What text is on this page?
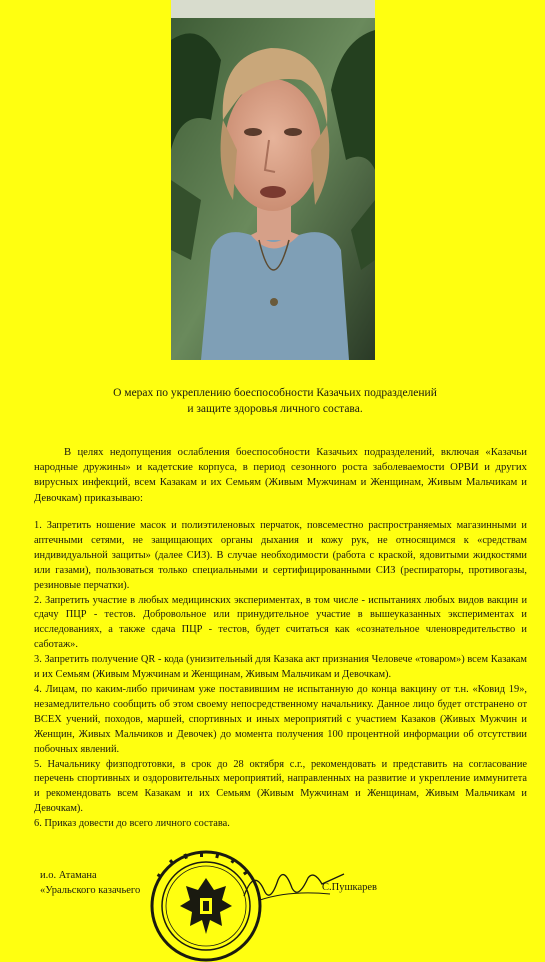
О мерах по укреплению боеспособности Казачьих подразделений
и защите здоровья личного состава.

В целях недопущения ослабления боеспособности Казачьих подразделений, включая «Казачьи народные дружины» и кадетские корпуса, в период сезонного роста заболеваемости ОРВИ и других вирусных инфекций, всем Казакам и их Семьям (Живым Мужчинам и Женщинам, Живым Мальчикам и Девочкам) приказываю:

1. Запретить ношение масок и полиэтиленовых перчаток, повсеместно распространяемых магазинными и аптечными сетями, не защищающих органы дыхания и кожу рук, не относящимся к «средствам индивидуальной защиты» (далее СИЗ). В случае необходимости (работа с краской, ядовитыми жидкостями или газами), пользоваться только специальными и сертифицированными СИЗ (респираторы, противогазы, резиновые перчатки).

2. Запретить участие в любых медицинских экспериментах, в том числе - испытаниях любых видов вакцин и сдачу ПЦР - тестов. Добровольное или принудительное участие в вышеуказанных экспериментах и исследованиях, а также сдача ПЦР - тестов, будет считаться как «сознательное членовредительство и саботаж».

3. Запретить получение QR - кода (унизительный для Казака акт признания Человече «товаром») всем Казакам и их Семьям (Живым Мужчинам и Женщинам, Живым Мальчикам и Девочкам).

4. Лицам, по каким-либо причинам уже поставившим не испытанную до конца вакцину от т.н. «Ковид 19», незамедлительно сообщить об этом своему непосредственному начальнику. Данное лицо будет отстранено от ВСЕХ учений, походов, маршей, спортивных и иных мероприятий с участием Казаков (Живых Мужчин и Женщин, Живых Мальчиков и Девочек) до момента получения 100 процентной информации об отсутствии побочных явлений.

5. Начальнику физподготовки, в срок до 28 октября с.г., рекомендовать и представить на согласование перечень спортивных и оздоровительных мероприятий, направленных на развитие и укрепление иммунитета и рекомендовать всем Казакам и их Семьям (Живым Мужчинам и Женщинам, Живым Мальчикам и Девочкам).

6. Приказ довести до всего личного состава.

и.о. Атамана
«Уральского казачьего	С.Пушкарев
